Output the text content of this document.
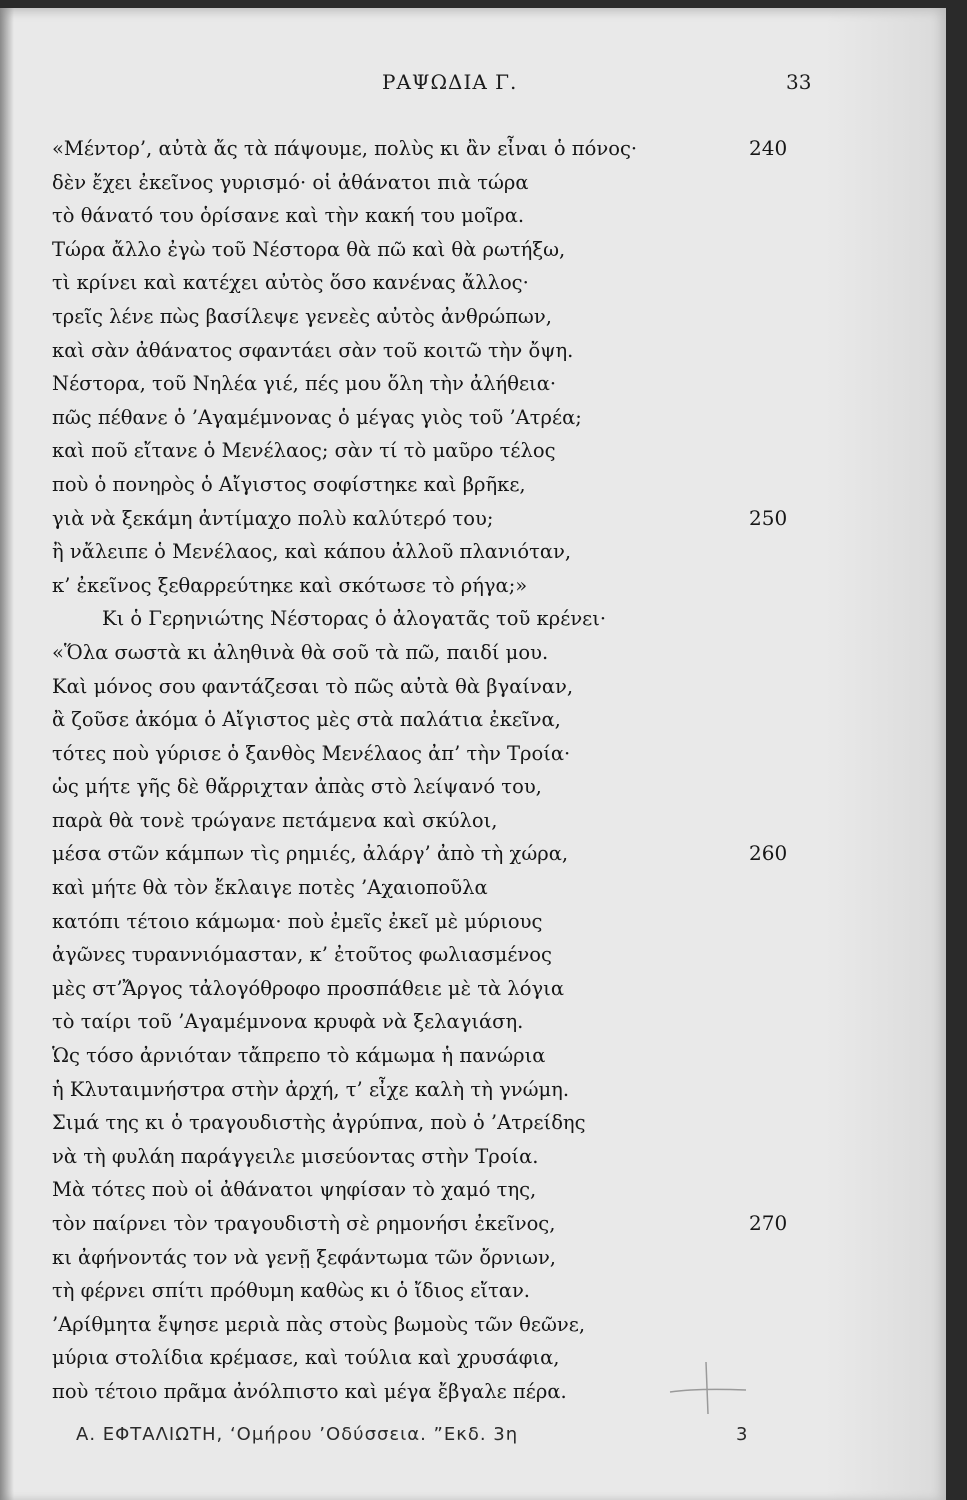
ΡΑΨΩΔΙΑ Γ.	33
«Μέντορ’, αὐτὰ ἄς τὰ πάψουμε, πολὺς κι ἂν εἶναι ὁ πόνος·	240
δὲν ἔχει ἐκεῖνος γυρισμό· οἱ ἀθάνατοι πιὰ τώρα
τὸ θάνατό του ὁρίσανε καὶ τὴν κακή του μοῖρα.
Τώρα ἄλλο ἐγὼ τοῦ Νέστορα θὰ πῶ καὶ θὰ ρωτήξω,
τὶ κρίνει καὶ κατέχει αὐτὸς ὅσο κανένας ἄλλος·
τρεῖς λένε πὼς βασίλεψε γενεὲς αὐτὸς ἀνθρώπων,
καὶ σὰν ἀθάνατος σφαντάει σὰν τοῦ κοιτῶ τὴν ὄψη.
Νέστορα, τοῦ Νηλέα γιέ, πές μου ὅλη τὴν ἀλήθεια·
πῶς πέθανε ὁ ’Αγαμέμνονας ὁ μέγας γιὸς τοῦ ’Ατρέα;
καὶ ποῦ εἴτανε ὁ Μενέλαος; σὰν τί τὸ μαῦρο τέλος
ποὺ ὁ πονηρὸς ὁ Αἴγιστος σοφίστηκε καὶ βρῆκε,
γιὰ νὰ ξεκάμη ἀντίμαχο πολὺ καλύτερό του;	250
ἢ νἄλειπε ὁ Μενέλαος, καὶ κάπου ἀλλοῦ πλανιόταν,
κ’ ἐκεῖνος ξεθαρρεύτηκε καὶ σκότωσε τὸ ρήγα;»
Κι ὁ Γερηνιώτης Νέστορας ὁ ἀλογατᾶς τοῦ κρένει·
«Ὅλα σωστὰ κι ἀληθινὰ θὰ σοῦ τὰ πῶ, παιδί μου.
Καὶ μόνος σου φαντάζεσαι τὸ πῶς αὐτὰ θὰ βγαίναν,
ἂ ζοῦσε ἀκόμα ὁ Αἴγιστος μὲς στὰ παλάτια ἐκεῖνα,
τότες ποὺ γύρισε ὁ ξανθὸς Μενέλαος ἀπ’ τὴν Τροία·
ὡς μήτε γῆς δὲ θἄρριχταν ἀπὰς στὸ λείψανό του,
παρὰ θὰ τονὲ τρώγανε πετάμενα καὶ σκύλοι,
μέσα στῶν κάμπων τὶς ρημιές, ἀλάργ’ ἀπὸ τὴ χώρα,	260
καὶ μήτε θὰ τὸν ἔκλαιγε ποτὲς ’Αχαιοποῦλα
κατόπι τέτοιο κάμωμα· ποὺ ἐμεῖς ἐκεῖ μὲ μύριους
ἀγῶνες τυραννιόμασταν, κ’ ἐτοῦτος φωλιασμένος
μὲς στ’Ἄργος τἀλογόθροφο προσπάθειε μὲ τὰ λόγια
τὸ ταίρι τοῦ ’Αγαμέμνονα κρυφὰ νὰ ξελαγιάση.
Ὡς τόσο ἀρνιόταν τἄπρεπο τὸ κάμωμα ἡ πανώρια
ἡ Κλυταιμνήστρα στὴν ἀρχή, τ’ εἶχε καλὴ τὴ γνώμη.
Σιμά της κι ὁ τραγουδιστὴς ἀγρύπνα, ποὺ ὁ ’Ατρείδης
νὰ τὴ φυλάη παράγγειλε μισεύοντας στὴν Τροία.
Μὰ τότες ποὺ οἱ ἀθάνατοι ψηφίσαν τὸ χαμό της,
τὸν παίρνει τὸν τραγουδιστὴ σὲ ρημονήσι ἐκεῖνος,	270
κι ἀφήνοντάς τον νὰ γενῇ ξεφάντωμα τῶν ὄρνιων,
τὴ φέρνει σπίτι πρόθυμη καθὼς κι ὁ ἴδιος εἴταν.
’Αρίθμητα ἔψησε μεριὰ πὰς στοὺς βωμοὺς τῶν θεῶνε,
μύρια στολίδια κρέμασε, καὶ τούλια καὶ χρυσάφια,
ποὺ τέτοιο πρᾶμα ἀνόλπιστο καὶ μέγα ἔβγαλε πέρα.
Α. ΕΦΤΑΛΙΩΤΗ, ‘Ομήρου ’Οδύσσεια. ”Εκδ. 3η	3
